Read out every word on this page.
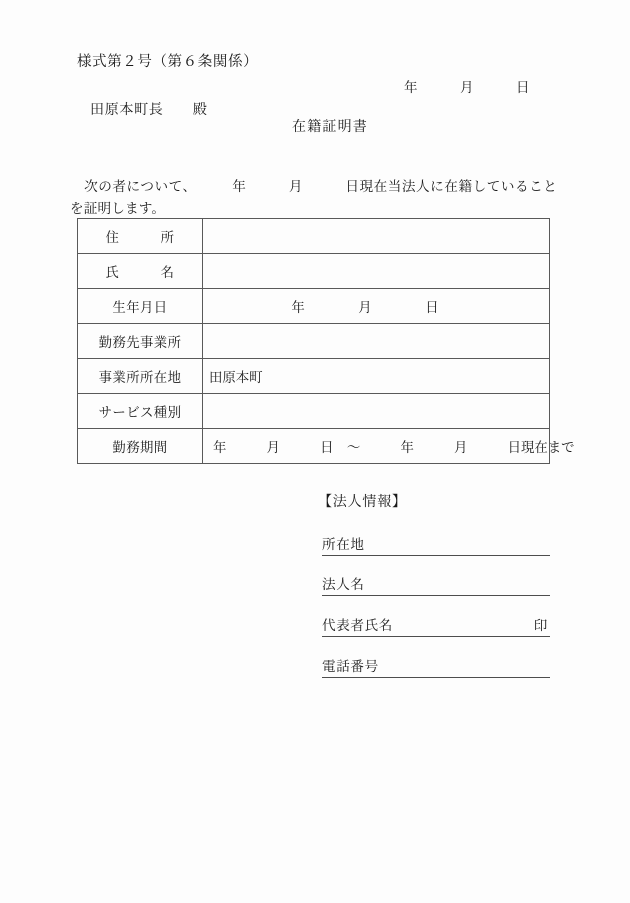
様式第２号（第６条関係）
年　　　月　　　日
田原本町長　　殿
在籍証明書
　次の者について、　　　年　　　月　　　日現在当法人に在籍していることを証明します。
住　　　所	
氏　　　名	
生年月日	年　　　　月　　　　日
勤務先事業所	
事業所所在地	田原本町
サービス種別	
勤務期間	年　　　月　　　日　～　　　年　　　月　　　日現在まで
【法人情報】
所在地
法人名
代表者氏名	印
電話番号
